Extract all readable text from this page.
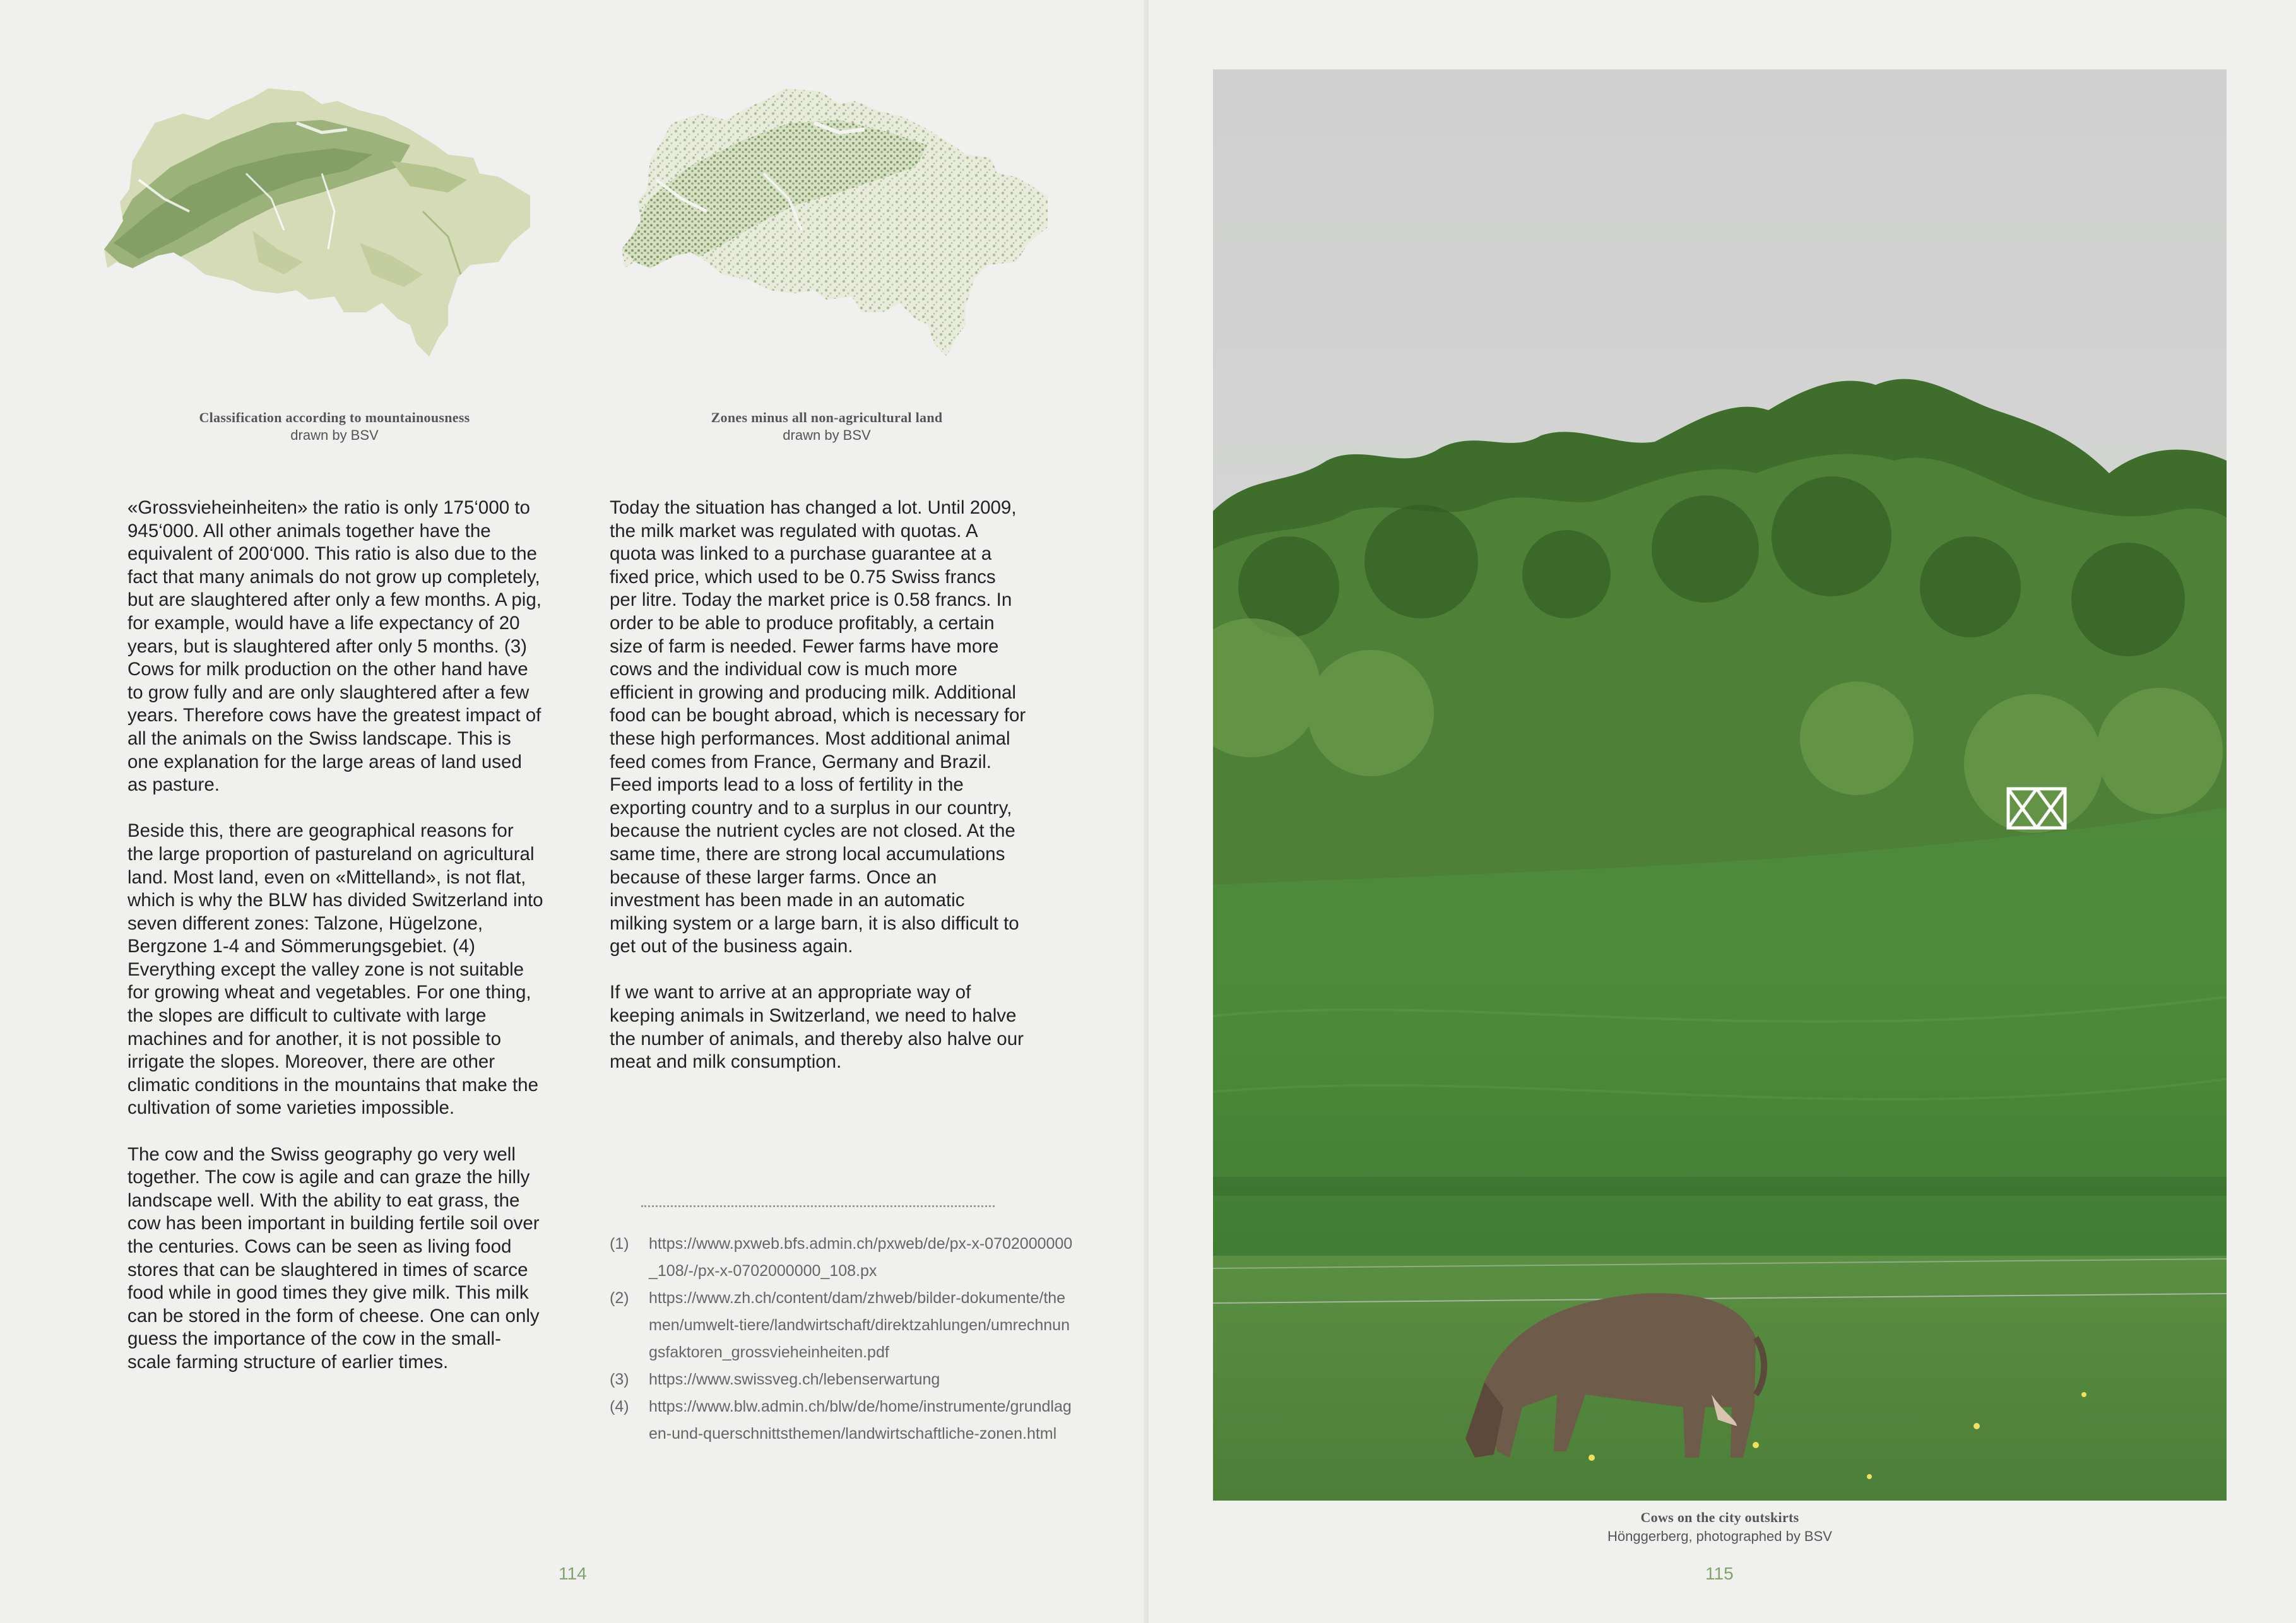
Classification according to mountainousness
drawn by BSV
Zones minus all non-agricultural land
drawn by BSV

«Grossvieheinheiten» the ratio is only 175‘000 to 945‘000. All other animals together have the equivalent of 200‘000. This ratio is also due to the fact that many animals do not grow up completely, but are slaughtered after only a few months. A pig, for example, would have a life expectancy of 20 years, but is slaughtered after only 5 months. (3)

Cows for milk production on the other hand have to grow fully and are only slaughtered after a few years. Therefore cows have the greatest impact of all the animals on the Swiss landscape. This is one explanation for the large areas of land used as pasture.

Beside this, there are geographical reasons for the large proportion of pastureland on agricultural land. Most land, even on «Mittelland», is not flat, which is why the BLW has divided Switzerland into seven different zones: Talzone, Hügelzone, Bergzone 1-4 and Sömmerungsgebiet. (4)

Everything except the valley zone is not suitable for growing wheat and vegetables. For one thing, the slopes are difficult to cultivate with large machines and for another, it is not possible to irrigate the slopes. Moreover, there are other climatic conditions in the mountains that make the cultivation of some varieties impossible.

The cow and the Swiss geography go very well together. The cow is agile and can graze the hilly landscape well. With the ability to eat grass, the cow has been important in building fertile soil over the centuries. Cows can be seen as living food stores that can be slaughtered in times of scarce food while in good times they give milk. This milk can be stored in the form of cheese. One can only guess the importance of the cow in the small-scale farming structure of earlier times.

Today the situation has changed a lot. Until 2009, the milk market was regulated with quotas. A quota was linked to a purchase guarantee at a fixed price, which used to be 0.75 Swiss francs per litre. Today the market price is 0.58 francs. In order to be able to produce profitably, a certain size of farm is needed. Fewer farms have more cows and the individual cow is much more efficient in growing and producing milk. Additional food can be bought abroad, which is necessary for these high performances. Most additional animal feed comes from France, Germany and Brazil. Feed imports lead to a loss of fertility in the exporting country and to a surplus in our country, because the nutrient cycles are not closed. At the same time, there are strong local accumulations because of these larger farms. Once an investment has been made in an automatic milking system or a large barn, it is also difficult to get out of the business again.

If we want to arrive at an appropriate way of keeping animals in Switzerland, we need to halve the number of animals, and thereby also halve our meat and milk consumption.

(1)	https://www.pxweb.bfs.admin.ch/pxweb/de/px-x-0702000000_108/-/px-x-0702000000_108.px
(2)	https://www.zh.ch/content/dam/zhweb/bilder-dokumente/themen/umwelt-tiere/landwirtschaft/direktzahlungen/umrechnungsfaktoren_grossvieheinheiten.pdf
(3)	https://www.swissveg.ch/lebenserwartung
(4)	https://www.blw.admin.ch/blw/de/home/instrumente/grundlagen-und-querschnittsthemen/landwirtschaftliche-zonen.html
114
Cows on the city outskirts
Hönggerberg, photographed by BSV
115
